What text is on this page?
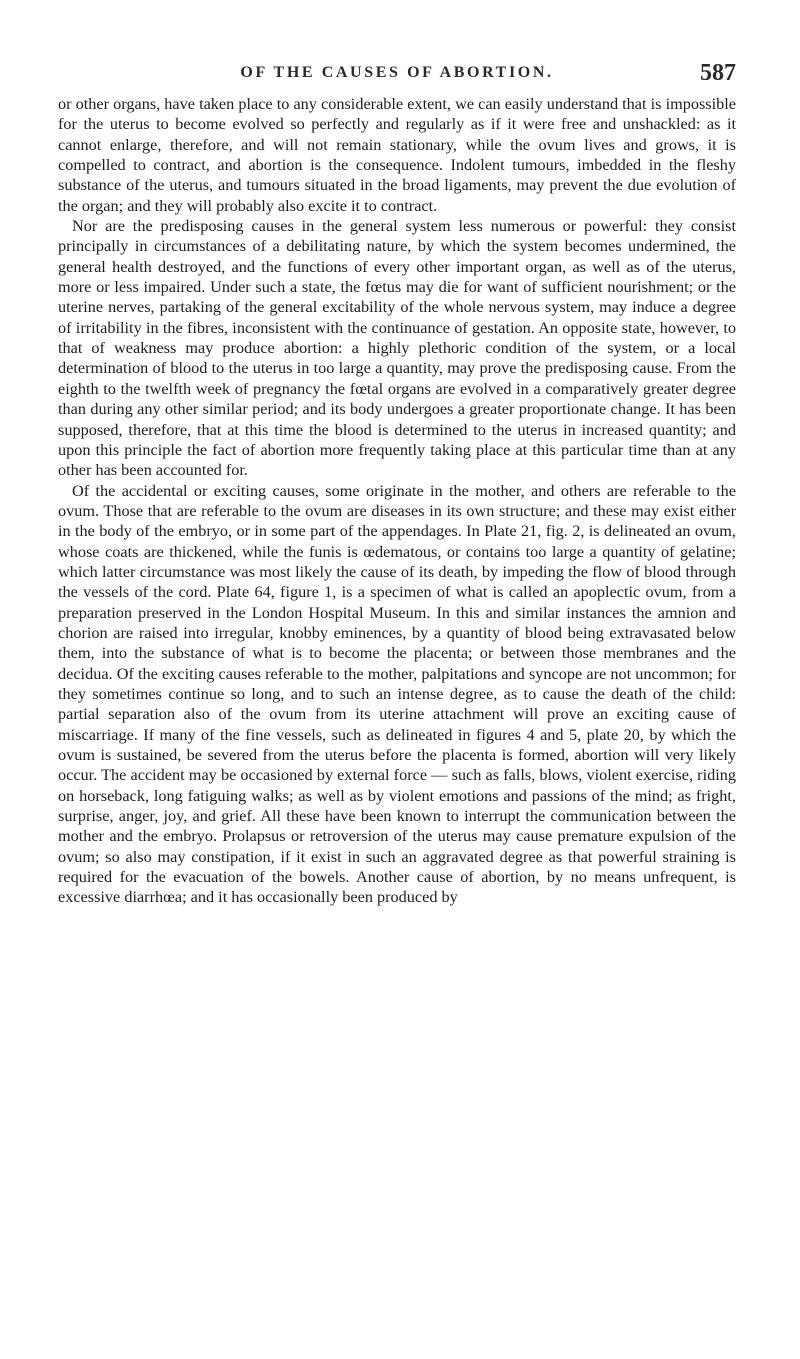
OF THE CAUSES OF ABORTION.	587

or other organs, have taken place to any considerable extent, we can easily understand that is impossible for the uterus to become evolved so perfectly and regularly as if it were free and unshackled: as it cannot enlarge, therefore, and will not remain stationary, while the ovum lives and grows, it is compelled to contract, and abortion is the consequence. Indolent tumours, imbedded in the fleshy substance of the uterus, and tumours situated in the broad ligaments, may prevent the due evolution of the organ; and they will probably also excite it to contract.

Nor are the predisposing causes in the general system less numerous or powerful: they consist principally in circumstances of a debilitating nature, by which the system becomes undermined, the general health destroyed, and the functions of every other important organ, as well as of the uterus, more or less impaired. Under such a state, the fœtus may die for want of sufficient nourishment; or the uterine nerves, partaking of the general excitability of the whole nervous system, may induce a degree of irritability in the fibres, inconsistent with the continuance of gestation. An opposite state, however, to that of weakness may produce abortion: a highly plethoric condition of the system, or a local determination of blood to the uterus in too large a quantity, may prove the predisposing cause. From the eighth to the twelfth week of pregnancy the fœtal organs are evolved in a comparatively greater degree than during any other similar period; and its body undergoes a greater proportionate change. It has been supposed, therefore, that at this time the blood is determined to the uterus in increased quantity; and upon this principle the fact of abortion more frequently taking place at this particular time than at any other has been accounted for.

Of the accidental or exciting causes, some originate in the mother, and others are referable to the ovum. Those that are referable to the ovum are diseases in its own structure; and these may exist either in the body of the embryo, or in some part of the appendages. In Plate 21, fig. 2, is delineated an ovum, whose coats are thickened, while the funis is œdematous, or contains too large a quantity of gelatine; which latter circumstance was most likely the cause of its death, by impeding the flow of blood through the vessels of the cord. Plate 64, figure 1, is a specimen of what is called an apoplectic ovum, from a preparation preserved in the London Hospital Museum. In this and similar instances the amnion and chorion are raised into irregular, knobby eminences, by a quantity of blood being extravasated below them, into the substance of what is to become the placenta; or between those membranes and the decidua. Of the exciting causes referable to the mother, palpitations and syncope are not uncommon; for they sometimes continue so long, and to such an intense degree, as to cause the death of the child: partial separation also of the ovum from its uterine attachment will prove an exciting cause of miscarriage. If many of the fine vessels, such as delineated in figures 4 and 5, plate 20, by which the ovum is sustained, be severed from the uterus before the placenta is formed, abortion will very likely occur. The accident may be occasioned by external force — such as falls, blows, violent exercise, riding on horseback, long fatiguing walks; as well as by violent emotions and passions of the mind; as fright, surprise, anger, joy, and grief. All these have been known to interrupt the communication between the mother and the embryo. Prolapsus or retroversion of the uterus may cause premature expulsion of the ovum; so also may constipation, if it exist in such an aggravated degree as that powerful straining is required for the evacuation of the bowels. Another cause of abortion, by no means unfrequent, is excessive diarrhœa; and it has occasionally been produced by
